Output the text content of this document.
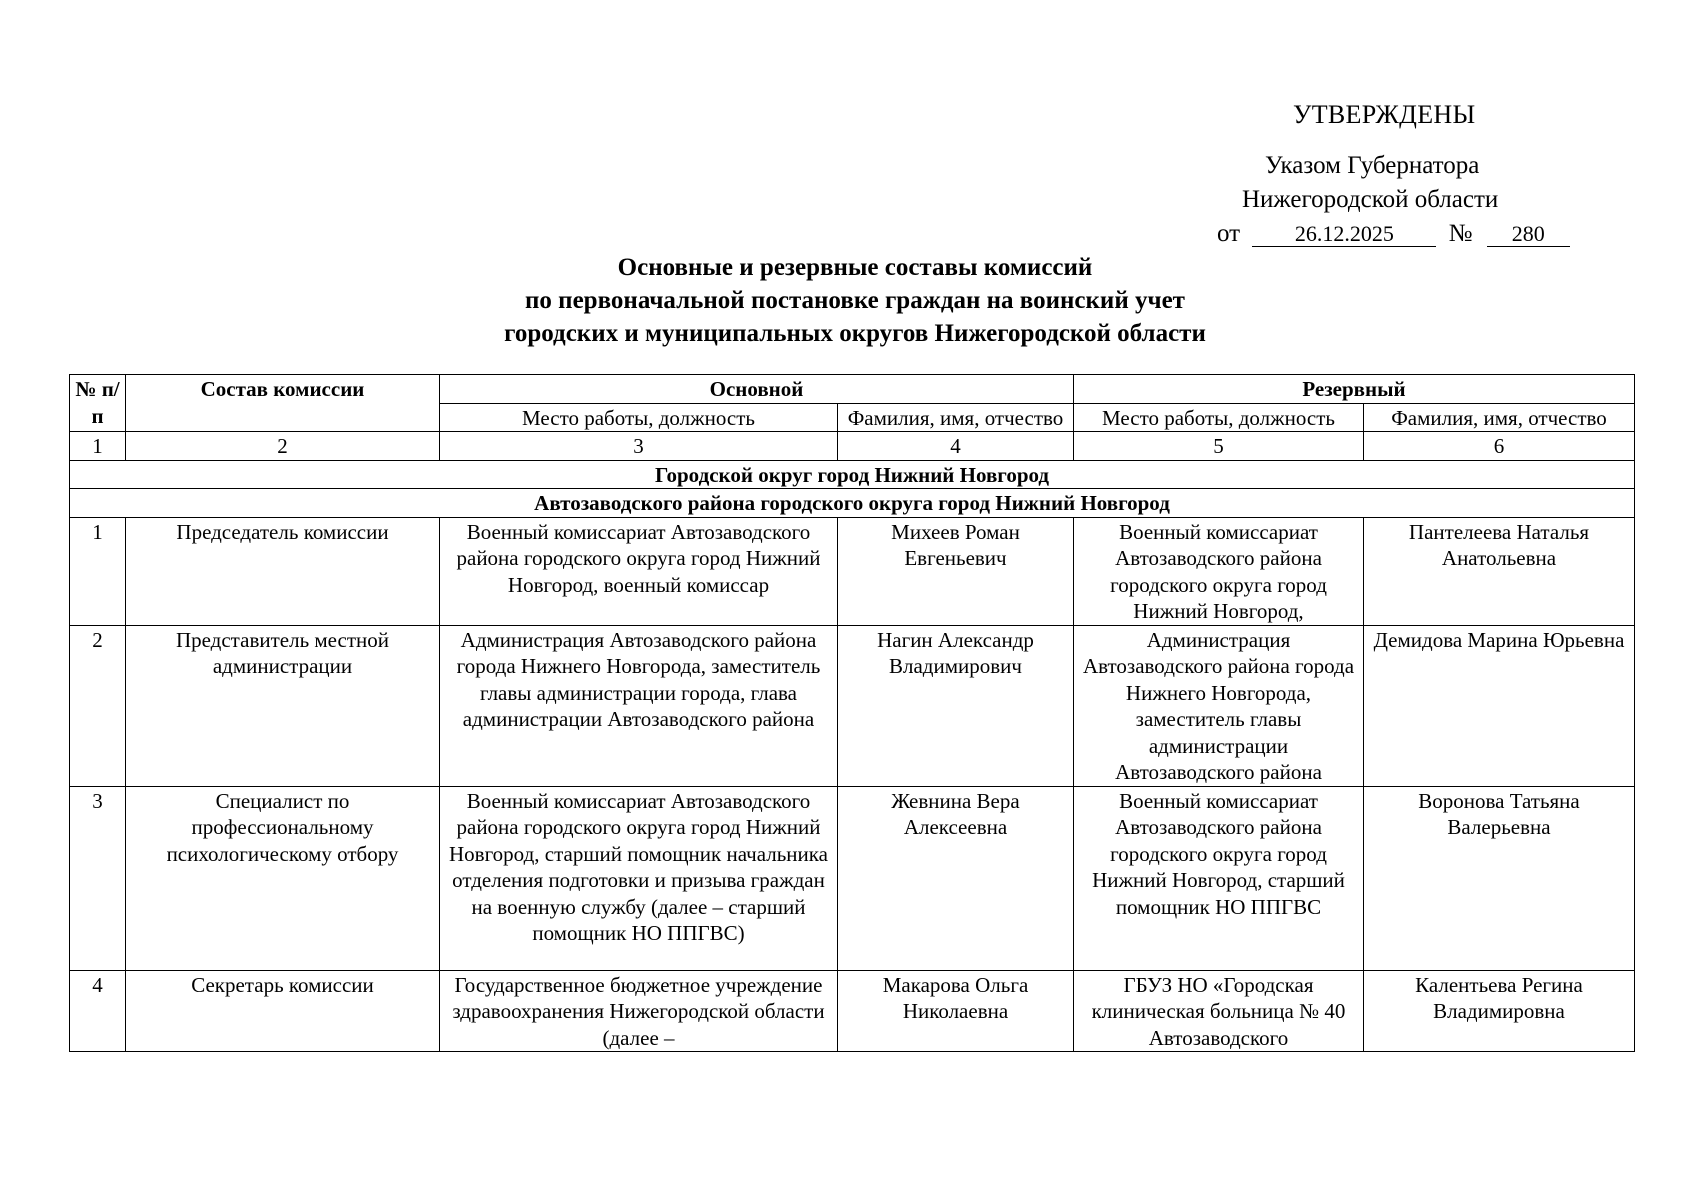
УТВЕРЖДЕНЫ
Указом Губернатора
Нижегородской области
от 26.12.2025 № 280
Основные и резервные составы комиссий
по первоначальной постановке граждан на воинский учет
городских и муниципальных округов Нижегородской области
№ п/п	Состав комиссии	Основной		Резервный	
		Место работы, должность	Фамилия, имя, отчество	Место работы, должность	Фамилия, имя, отчество
1	2	3	4	5	6
Городской округ город Нижний Новгород					
Автозаводского района городского округа город Нижний Новгород					
1	Председатель комиссии	Военный комиссариат Автозаводского района городского округа город Нижний Новгород, военный комиссар	Михеев Роман Евгеньевич	Военный комиссариат Автозаводского района городского округа город Нижний Новгород,	Пантелеева Наталья Анатольевна
2	Представитель местной администрации	Администрация Автозаводского района города Нижнего Новгорода, заместитель главы администрации города, глава администрации Автозаводского района	Нагин Александр Владимирович	Администрация Автозаводского района города Нижнего Новгорода, заместитель главы администрации Автозаводского района	Демидова Марина Юрьевна
3	Специалист по профессиональному психологическому отбору	Военный комиссариат Автозаводского района городского округа город Нижний Новгород, старший помощник начальника отделения подготовки и призыва граждан на военную службу (далее – старший помощник НО ППГВС)	Жевнина Вера Алексеевна	Военный комиссариат Автозаводского района городского округа город Нижний Новгород, старший помощник НО ППГВС	Воронова Татьяна Валерьевна
4	Секретарь комиссии	Государственное бюджетное учреждение здравоохранения Нижегородской области (далее –	Макарова Ольга Николаевна	ГБУЗ НО «Городская клиническая больница № 40 Автозаводского	Калентьева Регина Владимировна
